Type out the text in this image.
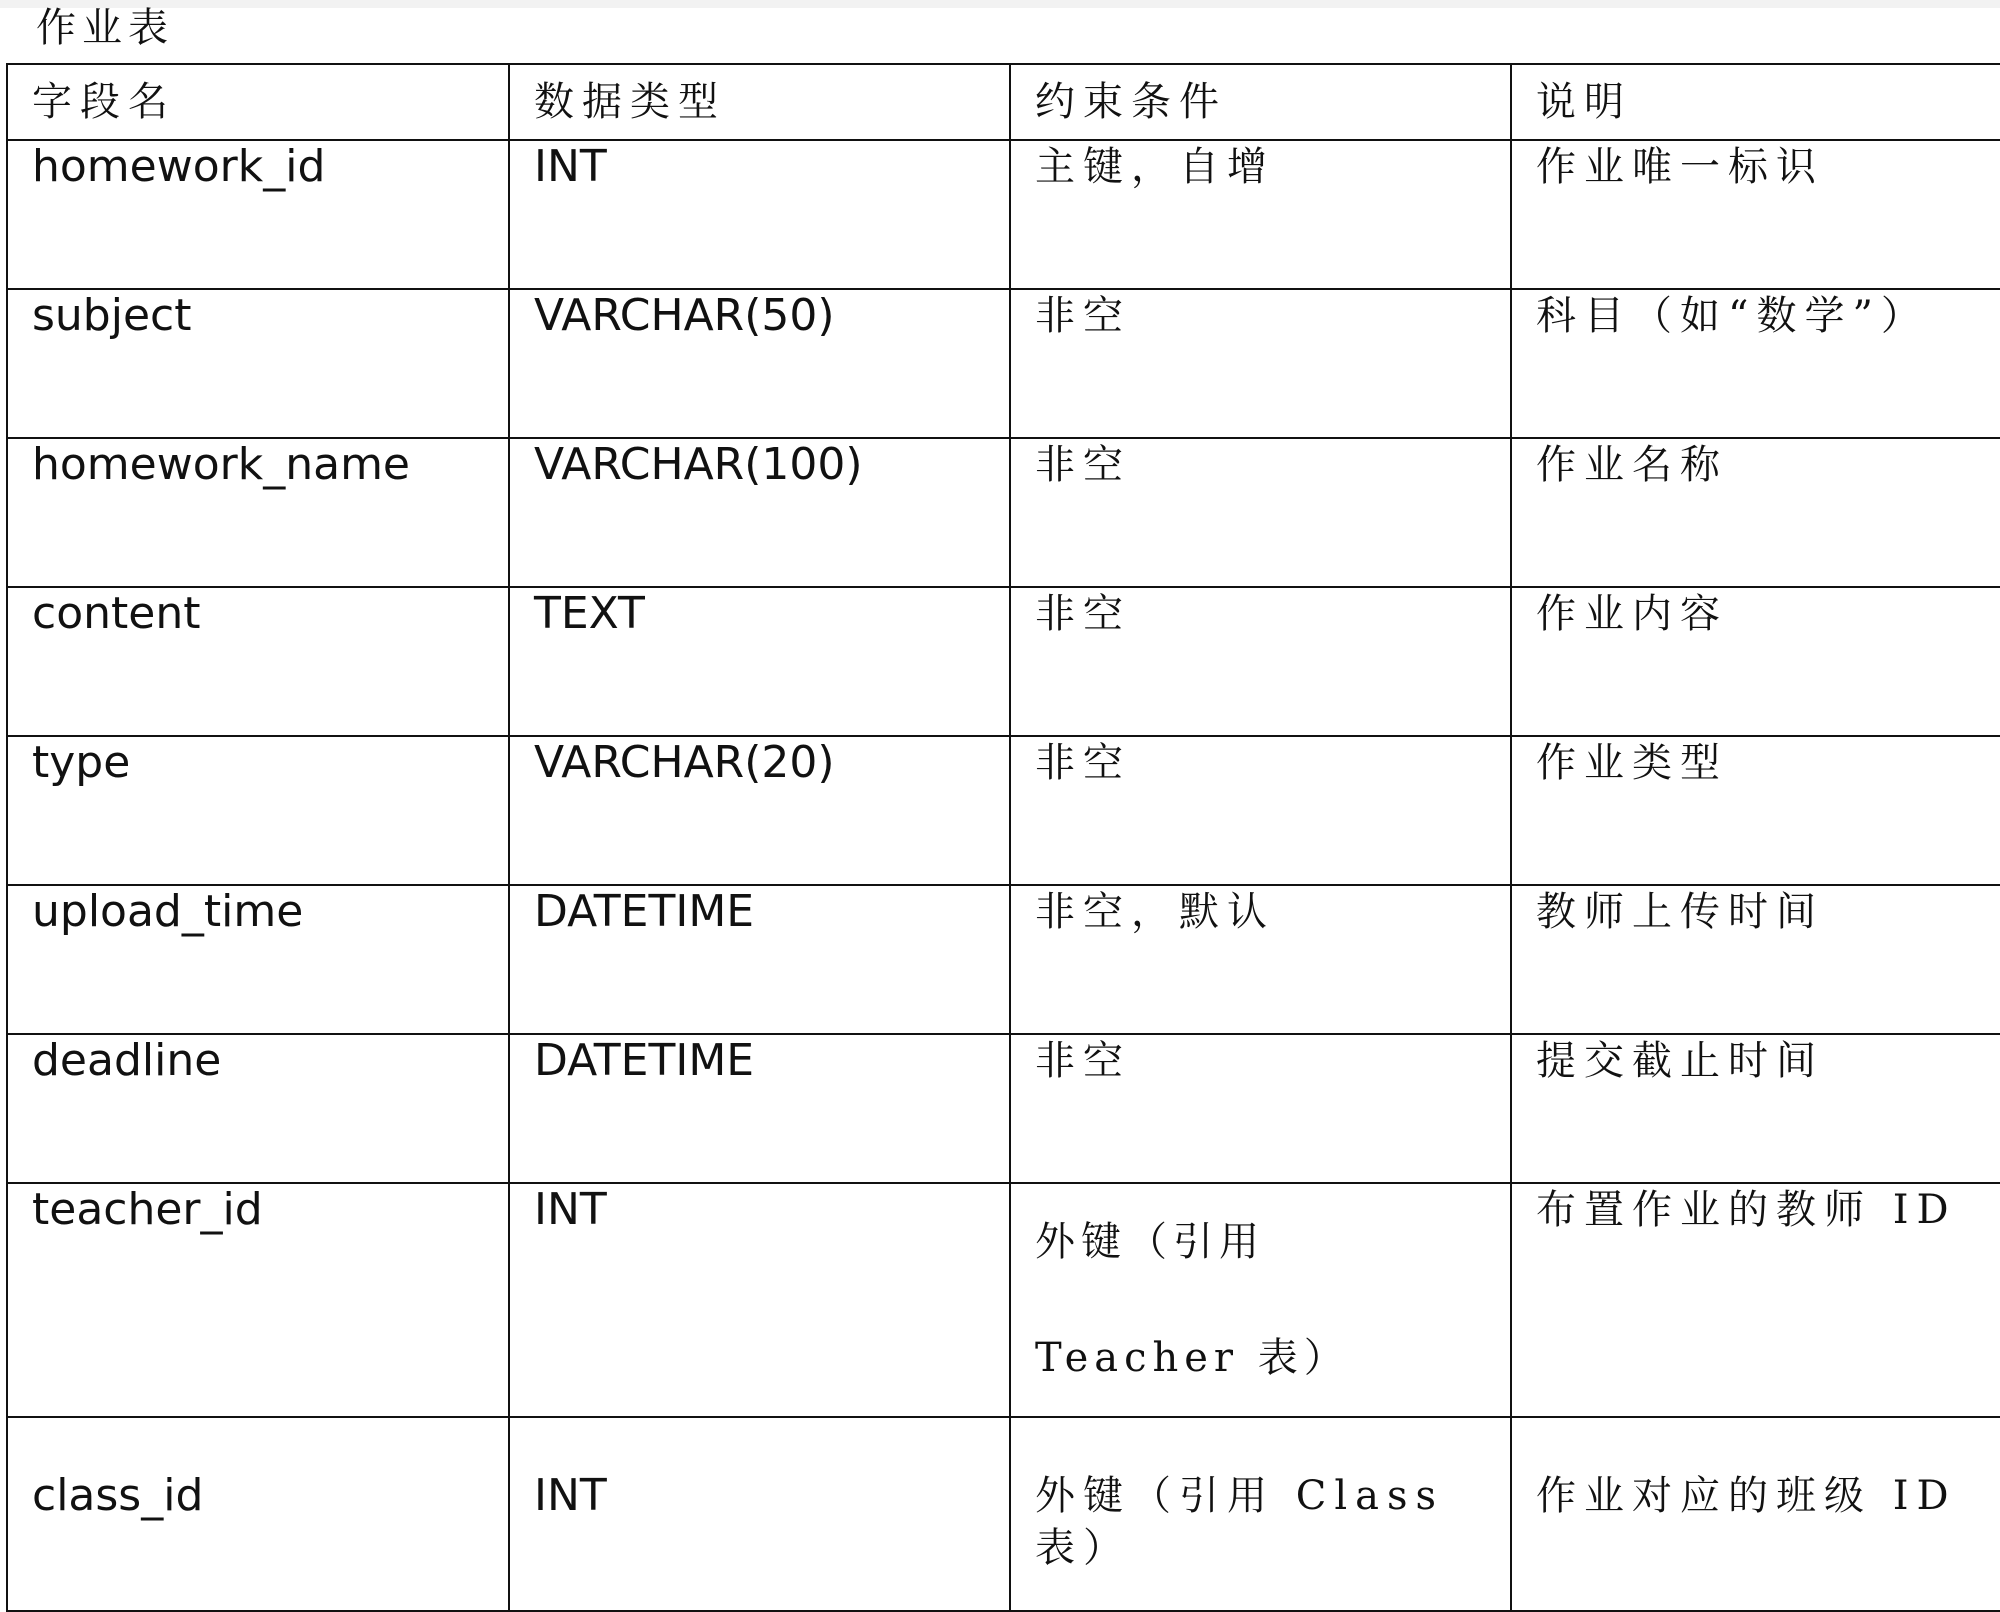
作业表
字段名	数据类型	约束条件	说明
homework_id	INT	主键，自增	作业唯一标识
subject	VARCHAR(50)	非空	科目（如“数学”）
homework_name	VARCHAR(100)	非空	作业名称
content	TEXT	非空	作业内容
type	VARCHAR(20)	非空	作业类型
upload_time	DATETIME	非空，默认	教师上传时间
deadline	DATETIME	非空	提交截止时间
teacher_id	INT	外键（引用 Teacher 表）	布置作业的教师 ID
class_id	INT	外键（引用 Class 表）	作业对应的班级 ID
